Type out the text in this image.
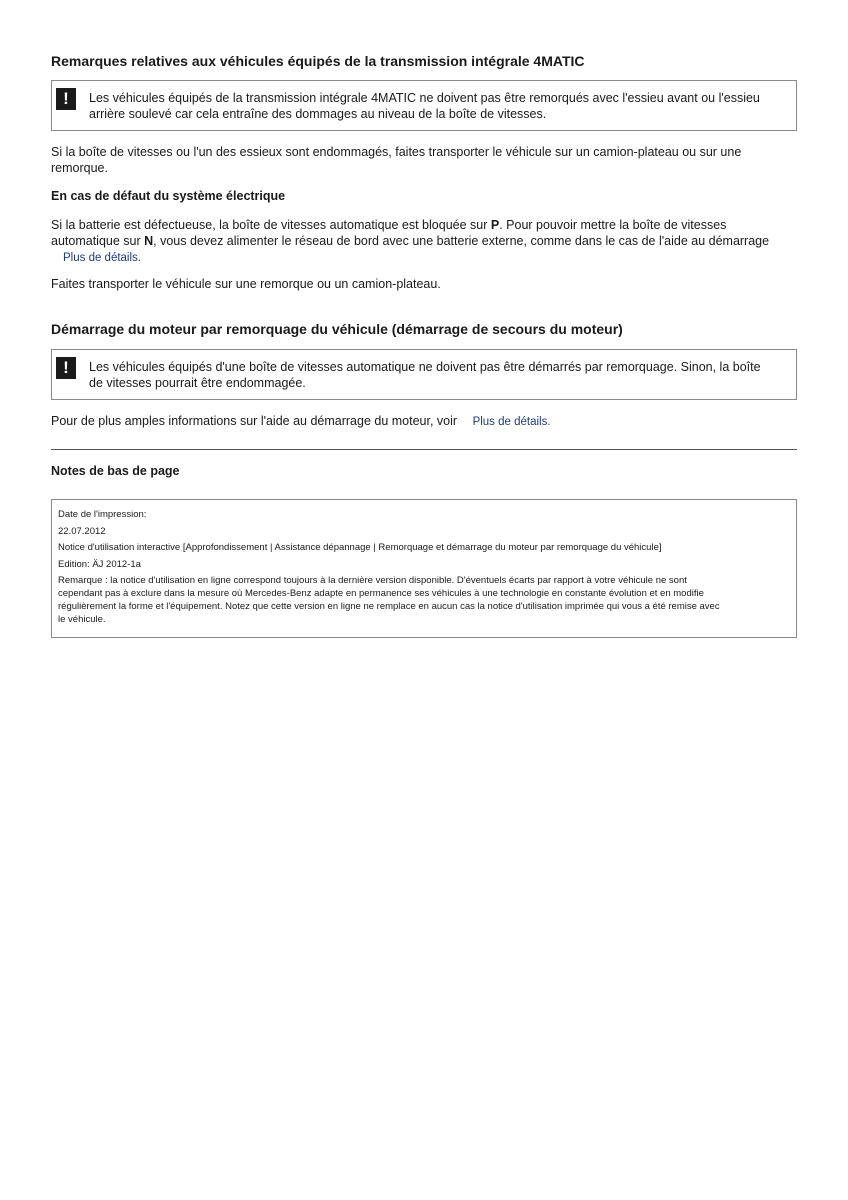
Remarques relatives aux véhicules équipés de la transmission intégrale 4MATIC
!	Les véhicules équipés de la transmission intégrale 4MATIC ne doivent pas être remorqués avec l'essieu avant ou l'essieu
arrière soulevé car cela entraîne des dommages au niveau de la boîte de vitesses.
Si la boîte de vitesses ou l'un des essieux sont endommagés, faites transporter le véhicule sur un camion-plateau ou sur une
remorque.
En cas de défaut du système électrique
Si la batterie est défectueuse, la boîte de vitesses automatique est bloquée sur P. Pour pouvoir mettre la boîte de vitesses
automatique sur N, vous devez alimenter le réseau de bord avec une batterie externe, comme dans le cas de l'aide au démarrage
Plus de détails.
Faites transporter le véhicule sur une remorque ou un camion-plateau.
Démarrage du moteur par remorquage du véhicule (démarrage de secours du moteur)
!	Les véhicules équipés d'une boîte de vitesses automatique ne doivent pas être démarrés par remorquage. Sinon, la boîte
de vitesses pourrait être endommagée.
Pour de plus amples informations sur l'aide au démarrage du moteur, voir Plus de détails.
Notes de bas de page
Date de l'impression:
22.07.2012
Notice d'utilisation interactive [Approfondissement | Assistance dépannage | Remorquage et démarrage du moteur par remorquage du véhicule]
Edition: ÄJ 2012-1a
Remarque : la notice d'utilisation en ligne correspond toujours à la dernière version disponible. D'éventuels écarts par rapport à votre véhicule ne sont
cependant pas à exclure dans la mesure où Mercedes-Benz adapte en permanence ses véhicules à une technologie en constante évolution et en modifie
régulièrement la forme et l'équipement. Notez que cette version en ligne ne remplace en aucun cas la notice d'utilisation imprimée qui vous a été remise avec
le véhicule.
